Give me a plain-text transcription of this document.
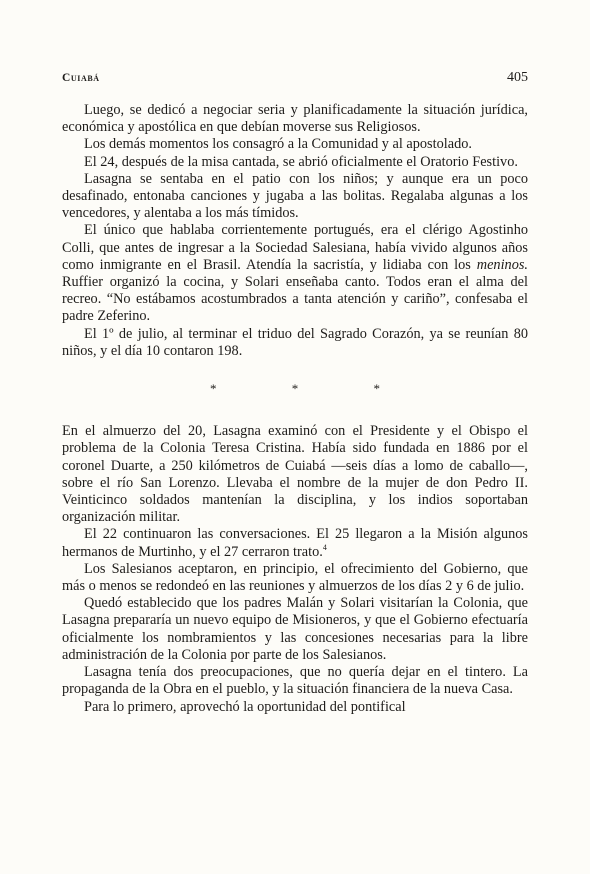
Cuiabá	405

Luego, se dedicó a negociar seria y planificadamente la situación jurídica, económica y apostólica en que debían moverse sus Religiosos.

Los demás momentos los consagró a la Comunidad y al apostolado.

El 24, después de la misa cantada, se abrió oficialmente el Oratorio Festivo.

Lasagna se sentaba en el patio con los niños; y aunque era un poco desafinado, entonaba canciones y jugaba a las bolitas. Regalaba algunas a los vencedores, y alentaba a los más tímidos.

El único que hablaba corrientemente portugués, era el clérigo Agostinho Colli, que antes de ingresar a la Sociedad Salesiana, había vivido algunos años como inmigrante en el Brasil. Atendía la sacristía, y lidiaba con los meninos. Ruffier organizó la cocina, y Solari enseñaba canto. Todos eran el alma del recreo. “No estábamos acostumbrados a tanta atención y cariño”, confesaba el padre Zeferino.

El 1º de julio, al terminar el triduo del Sagrado Corazón, ya se reunían 80 niños, y el día 10 contaron 198.

* * *

En el almuerzo del 20, Lasagna examinó con el Presidente y el Obispo el problema de la Colonia Teresa Cristina. Había sido fundada en 1886 por el coronel Duarte, a 250 kilómetros de Cuiabá —seis días a lomo de caballo—, sobre el río San Lorenzo. Llevaba el nombre de la mujer de don Pedro II. Veinticinco soldados mantenían la disciplina, y los indios soportaban organización militar.

El 22 continuaron las conversaciones. El 25 llegaron a la Misión algunos hermanos de Murtinho, y el 27 cerraron trato.$^4$

Los Salesianos aceptaron, en principio, el ofrecimiento del Gobierno, que más o menos se redondeó en las reuniones y almuerzos de los días 2 y 6 de julio.

Quedó establecido que los padres Malán y Solari visitarían la Colonia, que Lasagna prepararía un nuevo equipo de Misioneros, y que el Gobierno efectuaría oficialmente los nombramientos y las concesiones necesarias para la libre administración de la Colonia por parte de los Salesianos.

Lasagna tenía dos preocupaciones, que no quería dejar en el tintero. La propaganda de la Obra en el pueblo, y la situación financiera de la nueva Casa.

Para lo primero, aprovechó la oportunidad del pontifical
